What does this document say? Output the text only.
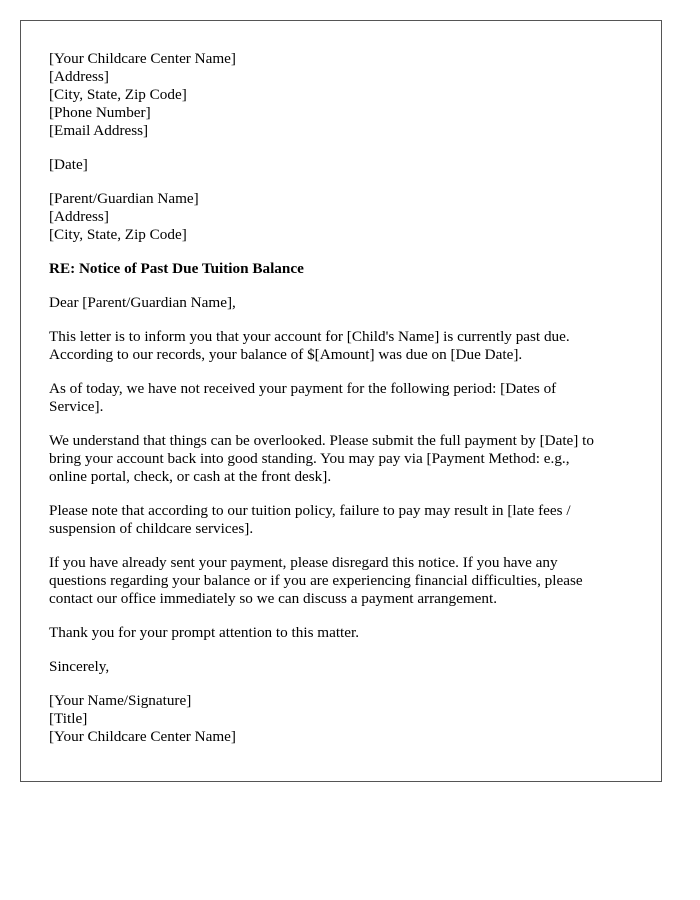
[Your Childcare Center Name]
[Address]
[City, State, Zip Code]
[Phone Number]
[Email Address]
[Date]
[Parent/Guardian Name]
[Address]
[City, State, Zip Code]

RE: Notice of Past Due Tuition Balance

Dear [Parent/Guardian Name],

This letter is to inform you that your account for [Child's Name] is currently past due.
According to our records, your balance of $[Amount] was due on [Due Date].

As of today, we have not received your payment for the following period: [Dates of
Service].

We understand that things can be overlooked. Please submit the full payment by [Date] to
bring your account back into good standing. You may pay via [Payment Method: e.g.,
online portal, check, or cash at the front desk].

Please note that according to our tuition policy, failure to pay may result in [late fees /
suspension of childcare services].

If you have already sent your payment, please disregard this notice. If you have any
questions regarding your balance or if you are experiencing financial difficulties, please
contact our office immediately so we can discuss a payment arrangement.

Thank you for your prompt attention to this matter.

Sincerely,

[Your Name/Signature]
[Title]
[Your Childcare Center Name]
